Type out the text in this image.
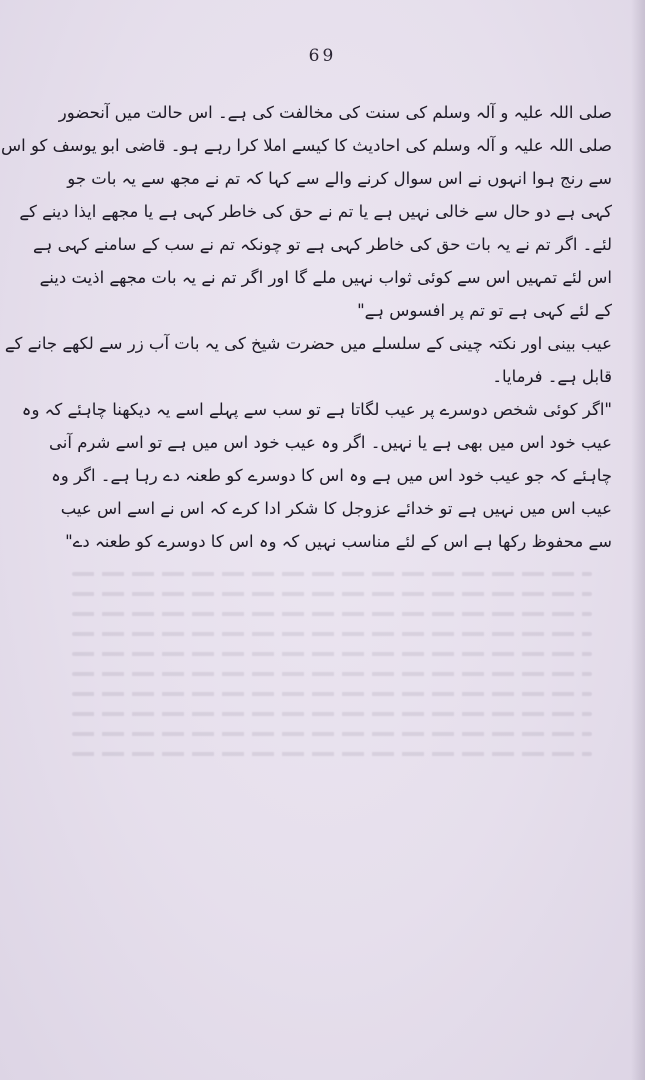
69
صلی اللہ علیہ و آلہ وسلم کی سنت کی مخالفت کی ہے۔ اس حالت میں آنحضور
صلی اللہ علیہ و آلہ وسلم کی احادیث کا کیسے املا کرا رہے ہو۔ قاضی ابو یوسف کو اس
سے رنج ہوا انہوں نے اس سوال کرنے والے سے کہا کہ تم نے مجھ سے یہ بات جو
کہی ہے دو حال سے خالی نہیں ہے یا تم نے حق کی خاطر کہی ہے یا مجھے ایذا دینے کے
لئے۔ اگر تم نے یہ بات حق کی خاطر کہی ہے تو چونکہ تم نے سب کے سامنے کہی ہے
اس لئے تمہیں اس سے کوئی ثواب نہیں ملے گا اور اگر تم نے یہ بات مجھے اذیت دینے
کے لئے کہی ہے تو تم پر افسوس ہے"
عیب بینی اور نکتہ چینی کے سلسلے میں حضرت شیخ کی یہ بات آب زر سے لکھے جانے کے
قابل ہے۔ فرمایا۔
"اگر کوئی شخص دوسرے پر عیب لگاتا ہے تو سب سے پہلے اسے یہ دیکھنا چاہئے کہ وہ
عیب خود اس میں بھی ہے یا نہیں۔ اگر وہ عیب خود اس میں ہے تو اسے شرم آنی
چاہئے کہ جو عیب خود اس میں ہے وہ اس کا دوسرے کو طعنہ دے رہا ہے۔ اگر وہ
عیب اس میں نہیں ہے تو خدائے عزوجل کا شکر ادا کرے کہ اس نے اسے اس عیب
سے محفوظ رکھا ہے اس کے لئے مناسب نہیں کہ وہ اس کا دوسرے کو طعنہ دے"
